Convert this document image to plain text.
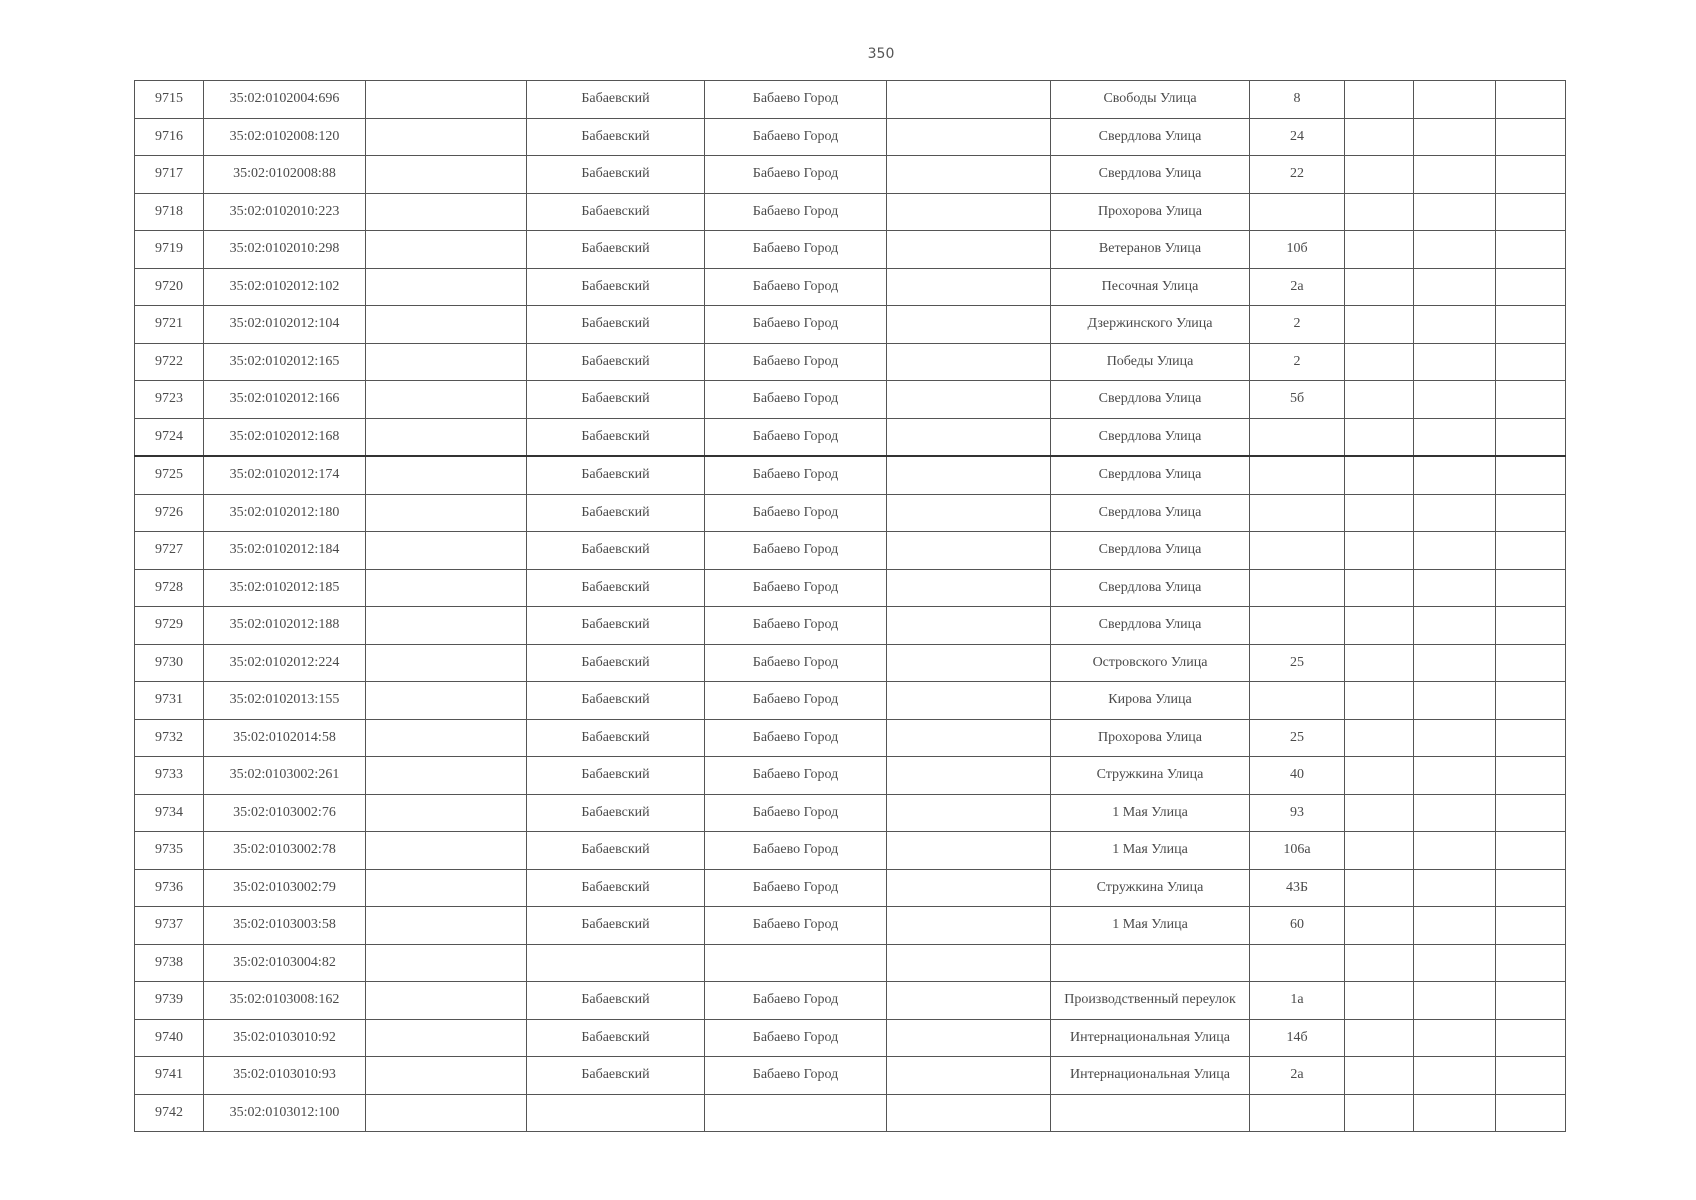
350
9715	35:02:0102004:696		Бабаевский	Бабаево Город		Свободы Улица	8			
9716	35:02:0102008:120		Бабаевский	Бабаево Город		Свердлова Улица	24			
9717	35:02:0102008:88		Бабаевский	Бабаево Город		Свердлова Улица	22			
9718	35:02:0102010:223		Бабаевский	Бабаево Город		Прохорова Улица				
9719	35:02:0102010:298		Бабаевский	Бабаево Город		Ветеранов Улица	10б			
9720	35:02:0102012:102		Бабаевский	Бабаево Город		Песочная Улица	2а			
9721	35:02:0102012:104		Бабаевский	Бабаево Город		Дзержинского Улица	2			
9722	35:02:0102012:165		Бабаевский	Бабаево Город		Победы Улица	2			
9723	35:02:0102012:166		Бабаевский	Бабаево Город		Свердлова Улица	5б			
9724	35:02:0102012:168		Бабаевский	Бабаево Город		Свердлова Улица				
9725	35:02:0102012:174		Бабаевский	Бабаево Город		Свердлова Улица				
9726	35:02:0102012:180		Бабаевский	Бабаево Город		Свердлова Улица				
9727	35:02:0102012:184		Бабаевский	Бабаево Город		Свердлова Улица				
9728	35:02:0102012:185		Бабаевский	Бабаево Город		Свердлова Улица				
9729	35:02:0102012:188		Бабаевский	Бабаево Город		Свердлова Улица				
9730	35:02:0102012:224		Бабаевский	Бабаево Город		Островского Улица	25			
9731	35:02:0102013:155		Бабаевский	Бабаево Город		Кирова Улица				
9732	35:02:0102014:58		Бабаевский	Бабаево Город		Прохорова Улица	25			
9733	35:02:0103002:261		Бабаевский	Бабаево Город		Стружкина Улица	40			
9734	35:02:0103002:76		Бабаевский	Бабаево Город		1 Мая Улица	93			
9735	35:02:0103002:78		Бабаевский	Бабаево Город		1 Мая Улица	106а			
9736	35:02:0103002:79		Бабаевский	Бабаево Город		Стружкина Улица	43Б			
9737	35:02:0103003:58		Бабаевский	Бабаево Город		1 Мая Улица	60			
9738	35:02:0103004:82									
9739	35:02:0103008:162		Бабаевский	Бабаево Город		Производственный переулок	1а			
9740	35:02:0103010:92		Бабаевский	Бабаево Город		Интернациональная Улица	14б			
9741	35:02:0103010:93		Бабаевский	Бабаево Город		Интернациональная Улица	2а			
9742	35:02:0103012:100									
